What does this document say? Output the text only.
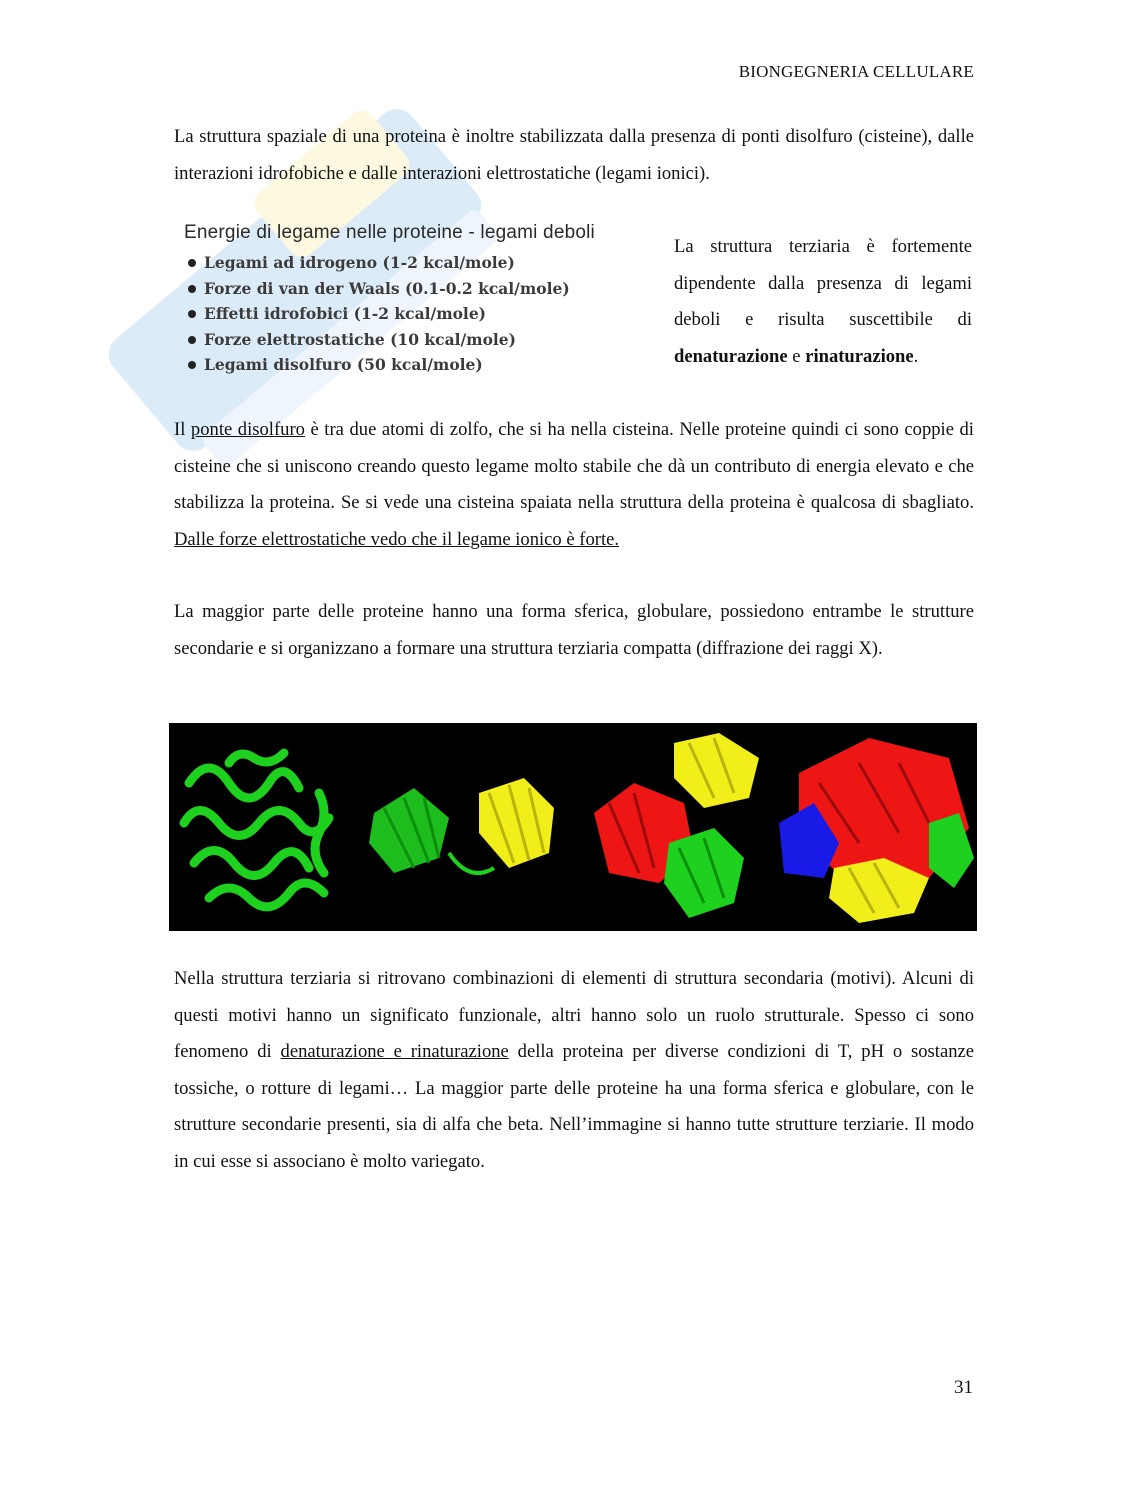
BIONGEGNERIA CELLULARE

La struttura spaziale di una proteina è inoltre stabilizzata dalla presenza di ponti disolfuro (cisteine), dalle interazioni idrofobiche e dalle interazioni elettrostatiche (legami ionici).

Energie di legame nelle proteine - legami deboli
Legami ad idrogeno (1-2 kcal/mole)
Forze di van der Waals (0.1-0.2 kcal/mole)
Effetti idrofobici (1-2 kcal/mole)
Forze elettrostatiche (10 kcal/mole)
Legami disolfuro (50 kcal/mole)

La struttura terziaria è fortemente dipendente dalla presenza di legami deboli e risulta suscettibile di denaturazione e rinaturazione.

Il ponte disolfuro è tra due atomi di zolfo, che si ha nella cisteina. Nelle proteine quindi ci sono coppie di cisteine che si uniscono creando questo legame molto stabile che dà un contributo di energia elevato e che stabilizza la proteina. Se si vede una cisteina spaiata nella struttura della proteina è qualcosa di sbagliato. Dalle forze elettrostatiche vedo che il legame ionico è forte.

La maggior parte delle proteine hanno una forma sferica, globulare, possiedono entrambe le strutture secondarie e si organizzano a formare una struttura terziaria compatta (diffrazione dei raggi X).

Nella struttura terziaria si ritrovano combinazioni di elementi di struttura secondaria (motivi). Alcuni di questi motivi hanno un significato funzionale, altri hanno solo un ruolo strutturale. Spesso ci sono fenomeno di denaturazione e rinaturazione della proteina per diverse condizioni di T, pH o sostanze tossiche, o rotture di legami… La maggior parte delle proteine ha una forma sferica e globulare, con le strutture secondarie presenti, sia di alfa che beta. Nell’immagine si hanno tutte strutture terziarie. Il modo in cui esse si associano è molto variegato.

31
